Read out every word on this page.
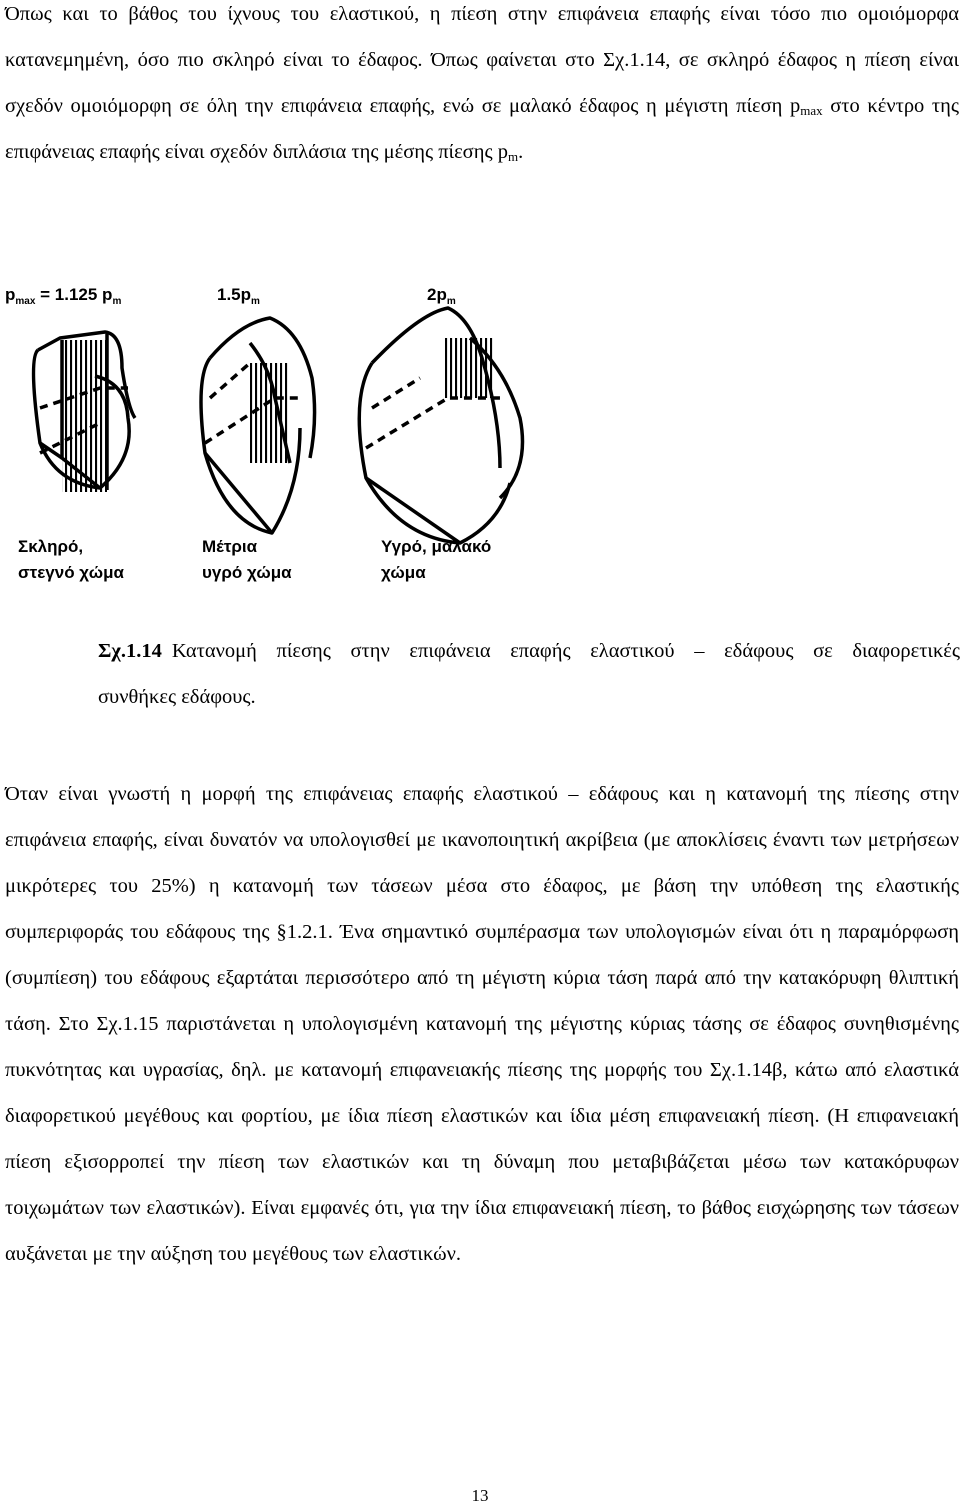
Όπως και το βάθος του ίχνους του ελαστικού, η πίεση στην επιφάνεια επαφής είναι τόσο πιο ομοιόμορφα κατανεμημένη, όσο πιο σκληρό είναι το έδαφος. Όπως φαίνεται στο Σχ.1.14, σε σκληρό έδαφος η πίεση είναι σχεδόν ομοιόμορφη σε όλη την επιφάνεια επαφής, ενώ σε μαλακό έδαφος η μέγιστη πίεση $p_{max}$ στο κέντρο της επιφάνειας επαφής είναι σχεδόν διπλάσια της μέσης πίεσης $p_m$.

$p_{max} = 1.125$ $p_m$	$1.5p_m$	$2p_m$
Σκληρό,
στεγνό χώμα
Μέτρια
υγρό χώμα
Υγρό, μαλακό
χώμα
Σχ.1.14 Κατανομή πίεσης στην επιφάνεια επαφής ελαστικού – εδάφους σε διαφορετικές
συνθήκες εδάφους.

Όταν είναι γνωστή η μορφή της επιφάνειας επαφής ελαστικού – εδάφους και η κατανομή της πίεσης στην επιφάνεια επαφής, είναι δυνατόν να υπολογισθεί με ικανοποιητική ακρίβεια (με αποκλίσεις έναντι των μετρήσεων μικρότερες του 25%) η κατανομή των τάσεων μέσα στο έδαφος, με βάση την υπόθεση της ελαστικής συμπεριφοράς του εδάφους της §1.2.1. Ένα σημαντικό συμπέρασμα των υπολογισμών είναι ότι η παραμόρφωση (συμπίεση) του εδάφους εξαρτάται περισσότερο από τη μέγιστη κύρια τάση παρά από την κατακόρυφη θλιπτική τάση. Στο Σχ.1.15 παριστάνεται η υπολογισμένη κατανομή της μέγιστης κύριας τάσης σε έδαφος συνηθισμένης πυκνότητας και υγρασίας, δηλ. με κατανομή επιφανειακής πίεσης της μορφής του Σχ.1.14β, κάτω από ελαστικά διαφορετικού μεγέθους και φορτίου, με ίδια πίεση ελαστικών και ίδια μέση επιφανειακή πίεση. (Η επιφανειακή πίεση εξισορροπεί την πίεση των ελαστικών και τη δύναμη που μεταβιβάζεται μέσω των κατακόρυφων τοιχωμάτων των ελαστικών). Είναι εμφανές ότι, για την ίδια επιφανειακή πίεση, το βάθος εισχώρησης των τάσεων αυξάνεται με την αύξηση του μεγέθους των ελαστικών.

13
